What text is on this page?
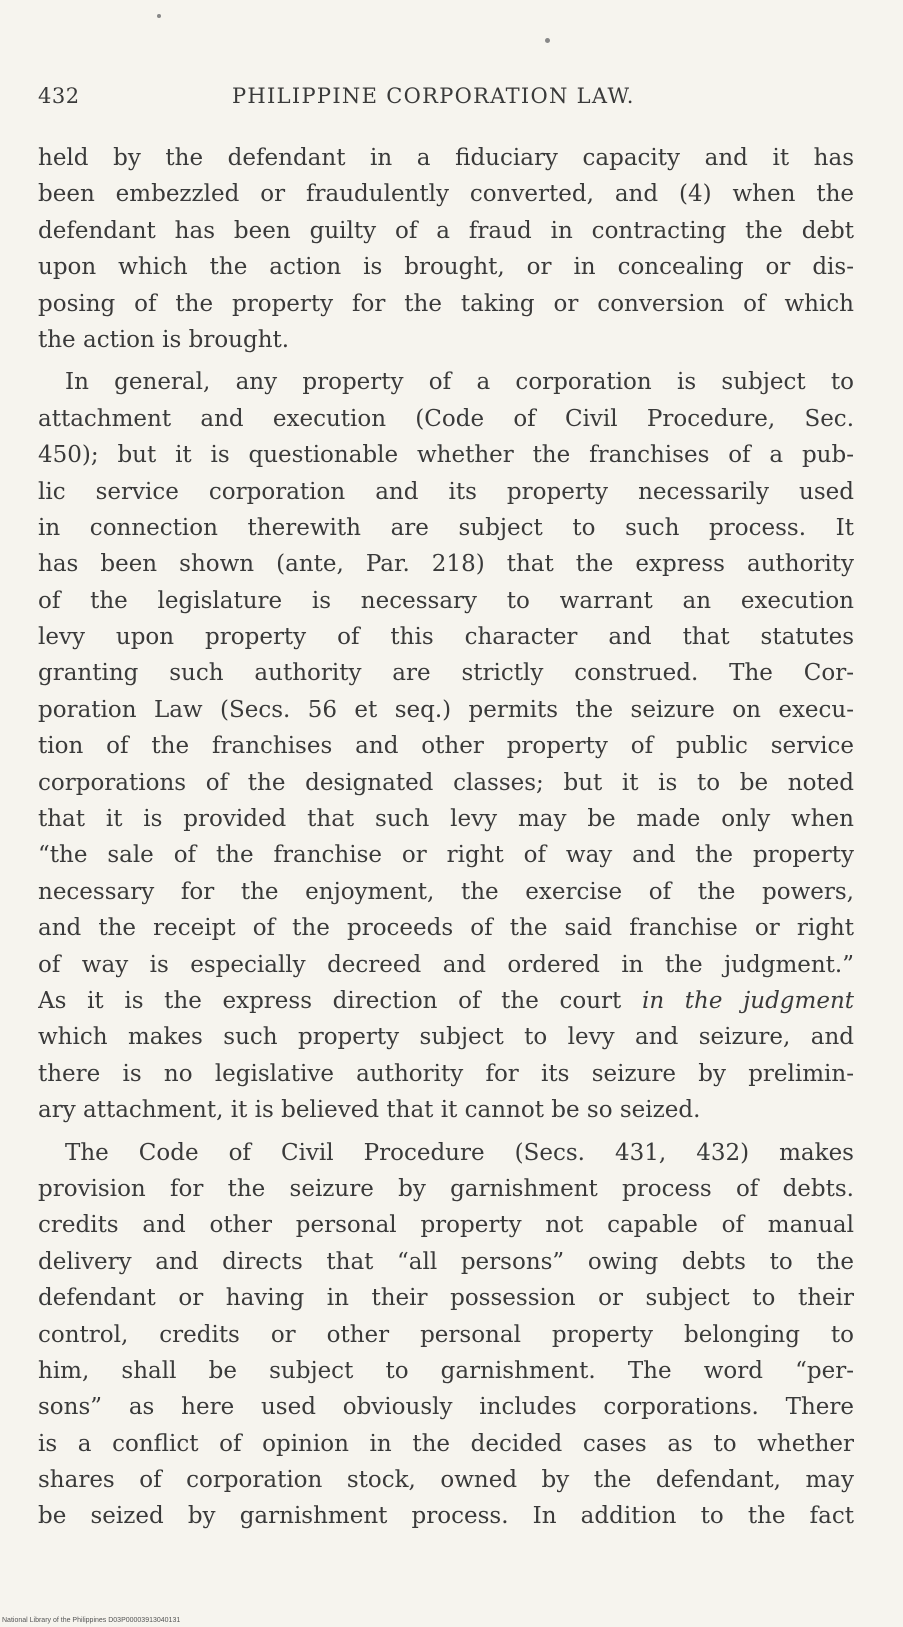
432	PHILIPPINE CORPORATION LAW.
held by the defendant in a fiduciary capacity and it has
been embezzled or fraudulently converted, and (4) when the
defendant has been guilty of a fraud in contracting the debt
upon which the action is brought, or in concealing or dis-
posing of the property for the taking or conversion of which
the action is brought.
In general, any property of a corporation is subject to
attachment and execution (Code of Civil Procedure, Sec.
450); but it is questionable whether the franchises of a pub-
lic service corporation and its property necessarily used
in connection therewith are subject to such process. It
has been shown (ante, Par. 218) that the express authority
of the legislature is necessary to warrant an execution
levy upon property of this character and that statutes
granting such authority are strictly construed. The Cor-
poration Law (Secs. 56 et seq.) permits the seizure on execu-
tion of the franchises and other property of public service
corporations of the designated classes; but it is to be noted
that it is provided that such levy may be made only when
“the sale of the franchise or right of way and the property
necessary for the enjoyment, the exercise of the powers,
and the receipt of the proceeds of the said franchise or right
of way is especially decreed and ordered in the judgment.”
As it is the express direction of the court in the judgment
which makes such property subject to levy and seizure, and
there is no legislative authority for its seizure by prelimin-
ary attachment, it is believed that it cannot be so seized.
The Code of Civil Procedure (Secs. 431, 432) makes
provision for the seizure by garnishment process of debts.
credits and other personal property not capable of manual
delivery and directs that “all persons” owing debts to the
defendant or having in their possession or subject to their
control, credits or other personal property belonging to
him, shall be subject to garnishment. The word “per-
sons” as here used obviously includes corporations. There
is a conflict of opinion in the decided cases as to whether
shares of corporation stock, owned by the defendant, may
be seized by garnishment process. In addition to the fact
National Library of the Philippines D03P00003913040131
